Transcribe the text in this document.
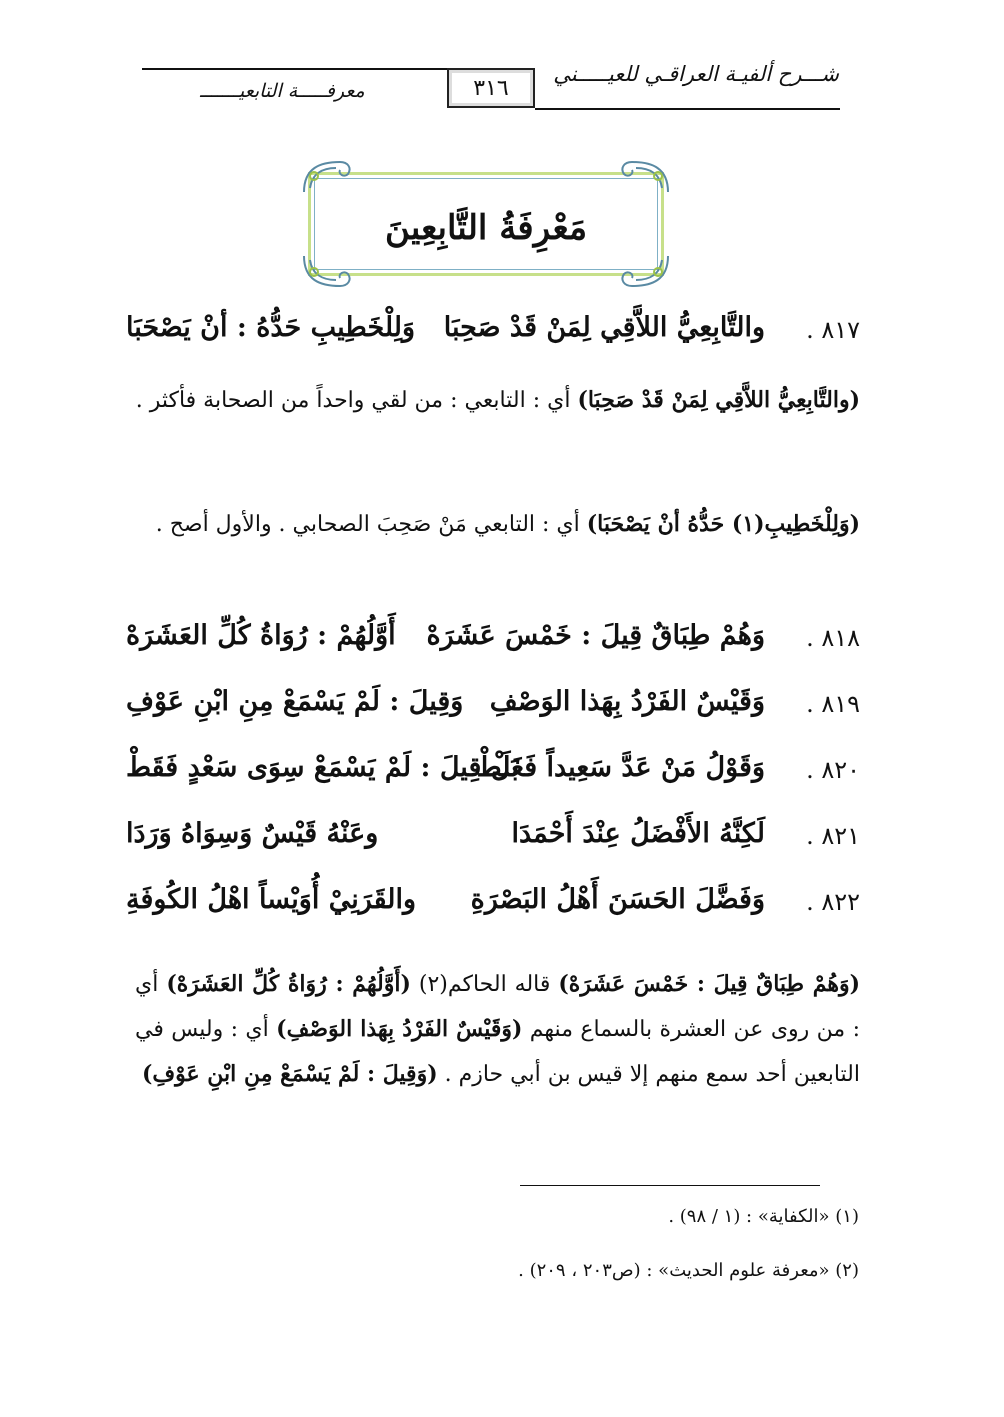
شـــرح ألفيـة العراقـي للعيـــــني
٣١٦
معرفـــــة التابعيـــــــ
مَعْرِفَةُ التَّابِعِينَ
٨١٧ .
والتَّابِعِيُّ اللاَّقِي لِمَنْ قَدْ صَحِبَا
وَلِلْخَطِيبِ حَدُّهُ : أنْ يَصْحَبَا
(والتَّابِعِيُّ اللاَّقِي لِمَنْ قَدْ صَحِبَا) أي : التابعي : من لقي واحداً من الصحابة فأكثر .
(وَلِلْخَطِيبِ(١) حَدُّهُ أنْ يَصْحَبَا) أي : التابعي مَنْ صَحِبَ الصحابي . والأول أصح .
٨١٨ .
وَهُمْ طِبَاقٌ قِيلَ : خَمْسَ عَشَرَهْ
أَوَّلُهُمْ : رُوَاةُ كُلِّ العَشَرَهْ
٨١٩ .
وَقَيْسٌ الفَرْدُ بِهَذا الوَصْفِ
وَقِيلَ : لَمْ يَسْمَعْ مِنِ ابْنِ عَوْفِ
٨٢٠ .
وَقَوْلُ مَنْ عَدَّ سَعِيداً فَغَلَطْ
بَلْ قِيلَ : لَمْ يَسْمَعْ سِوَى سَعْدٍ فَقَطْ
٨٢١ .
لَكِنَّهُ الأَفْضَلُ عِنْدَ أَحْمَدَا
وعَنْهُ قَيْسٌ وَسِوَاهُ وَرَدَا
٨٢٢ .
وَفَضَّلَ الحَسَنَ أَهْلُ البَصْرَةِ
والقَرَنِيْ أُوَيْساً اهْلُ الكُوفَةِ
(وَهُمْ طِبَاقٌ قِيلَ : خَمْسَ عَشَرَهْ) قاله الحاكم(٢) (أَوَّلُهُمْ : رُوَاةُ كُلِّ العَشَرَهْ) أي : من روى عن العشرة بالسماع منهم (وَقَيْسٌ الفَرْدُ بِهَذا الوَصْفِ) أي : وليس في التابعين أحد سمع منهم إلا قيس بن أبي حازم . (وَقِيلَ : لَمْ يَسْمَعْ مِنِ ابْنِ عَوْفِ)
(١) «الكفاية» : (١ / ٩٨) .
(٢) «معرفة علوم الحديث» : (ص٢٠٣ ، ٢٠٩) .
